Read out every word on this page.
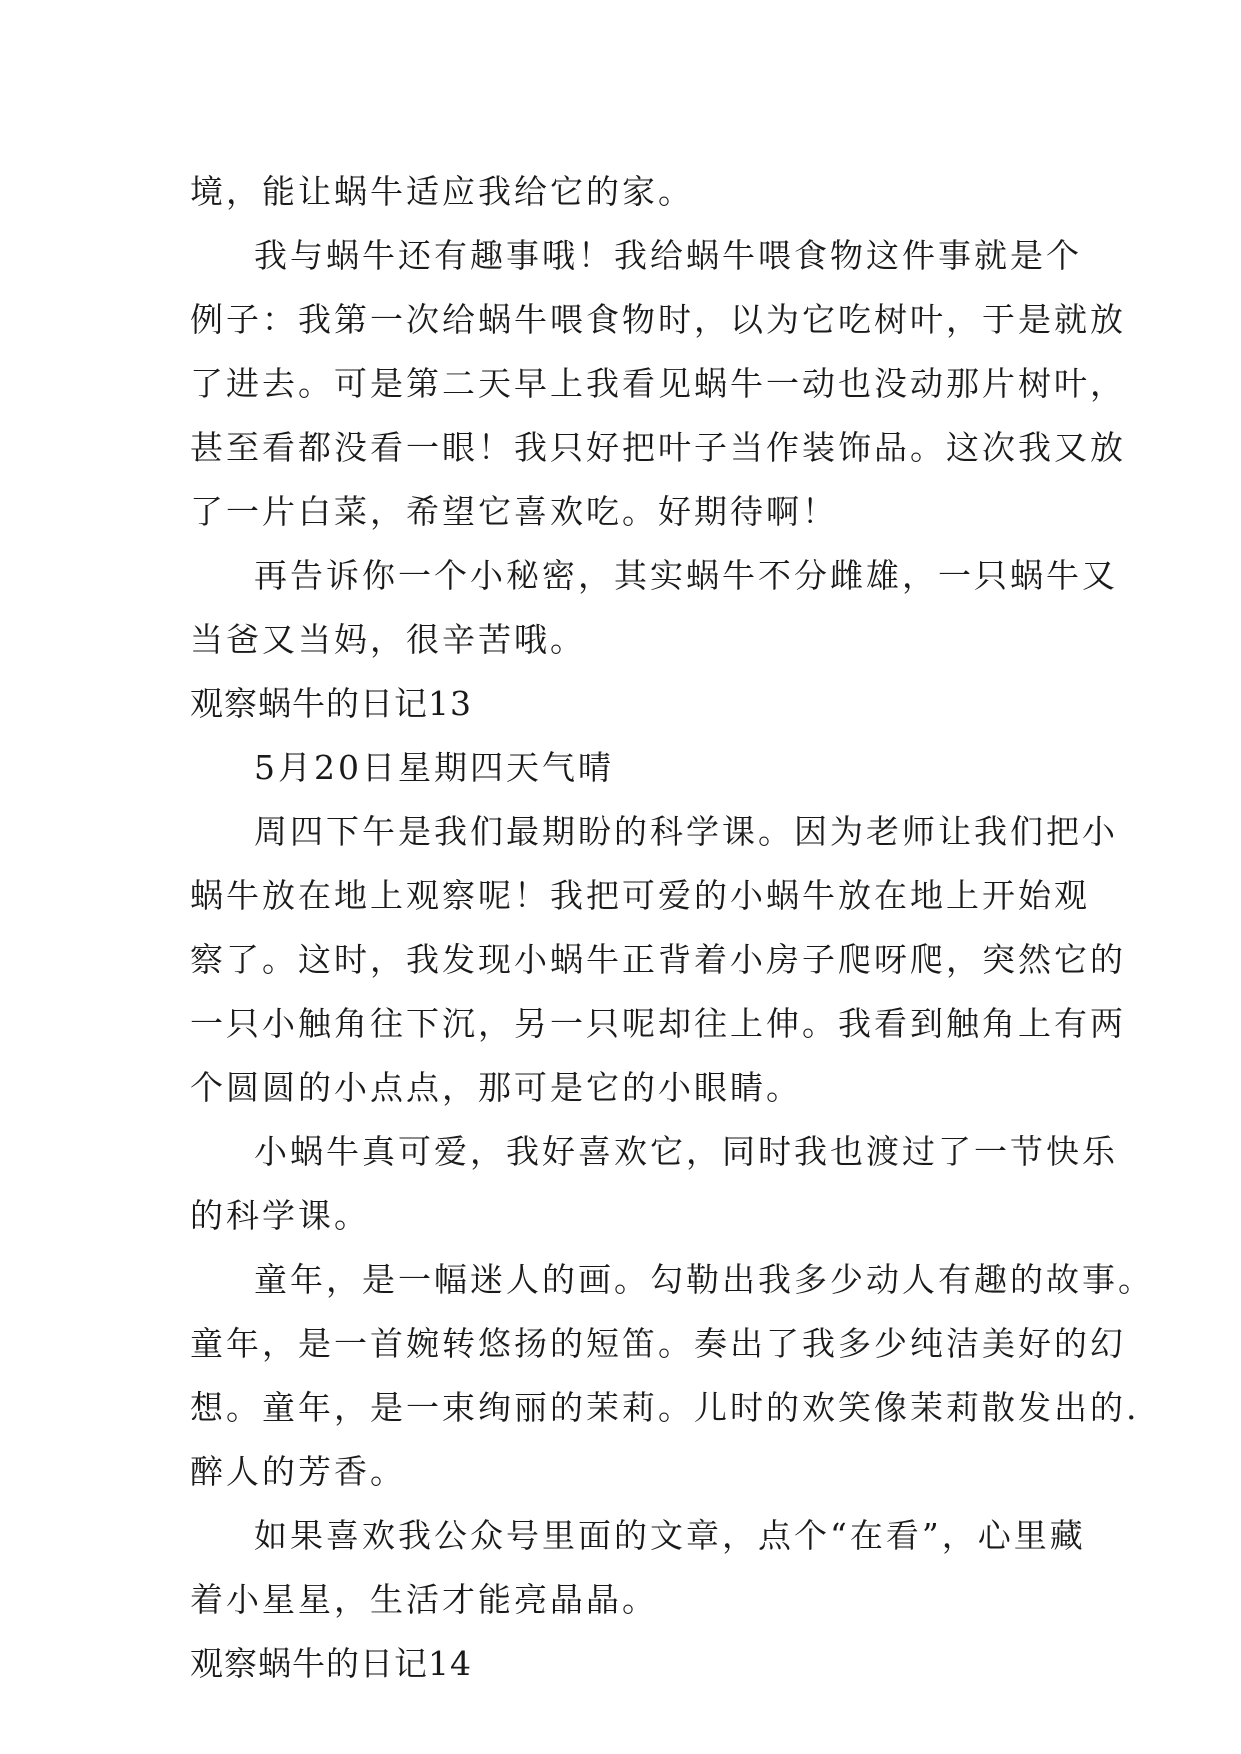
境，能让蜗牛适应我给它的家。
我与蜗牛还有趣事哦！我给蜗牛喂食物这件事就是个
例子：我第一次给蜗牛喂食物时，以为它吃树叶，于是就放
了进去。可是第二天早上我看见蜗牛一动也没动那片树叶，
甚至看都没看一眼！我只好把叶子当作装饰品。这次我又放
了一片白菜，希望它喜欢吃。好期待啊！
再告诉你一个小秘密，其实蜗牛不分雌雄，一只蜗牛又
当爸又当妈，很辛苦哦。
观察蜗牛的日记13
5月20日星期四天气晴
周四下午是我们最期盼的科学课。因为老师让我们把小
蜗牛放在地上观察呢！我把可爱的小蜗牛放在地上开始观
察了。这时，我发现小蜗牛正背着小房子爬呀爬，突然它的
一只小触角往下沉，另一只呢却往上伸。我看到触角上有两
个圆圆的小点点，那可是它的小眼睛。
小蜗牛真可爱，我好喜欢它，同时我也渡过了一节快乐
的科学课。
童年，是一幅迷人的画。勾勒出我多少动人有趣的故事。
童年，是一首婉转悠扬的短笛。奏出了我多少纯洁美好的幻
想。童年，是一束绚丽的茉莉。儿时的欢笑像茉莉散发出的.
醉人的芳香。
如果喜欢我公众号里面的文章，点个“在看”，心里藏
着小星星，生活才能亮晶晶。
观察蜗牛的日记14
